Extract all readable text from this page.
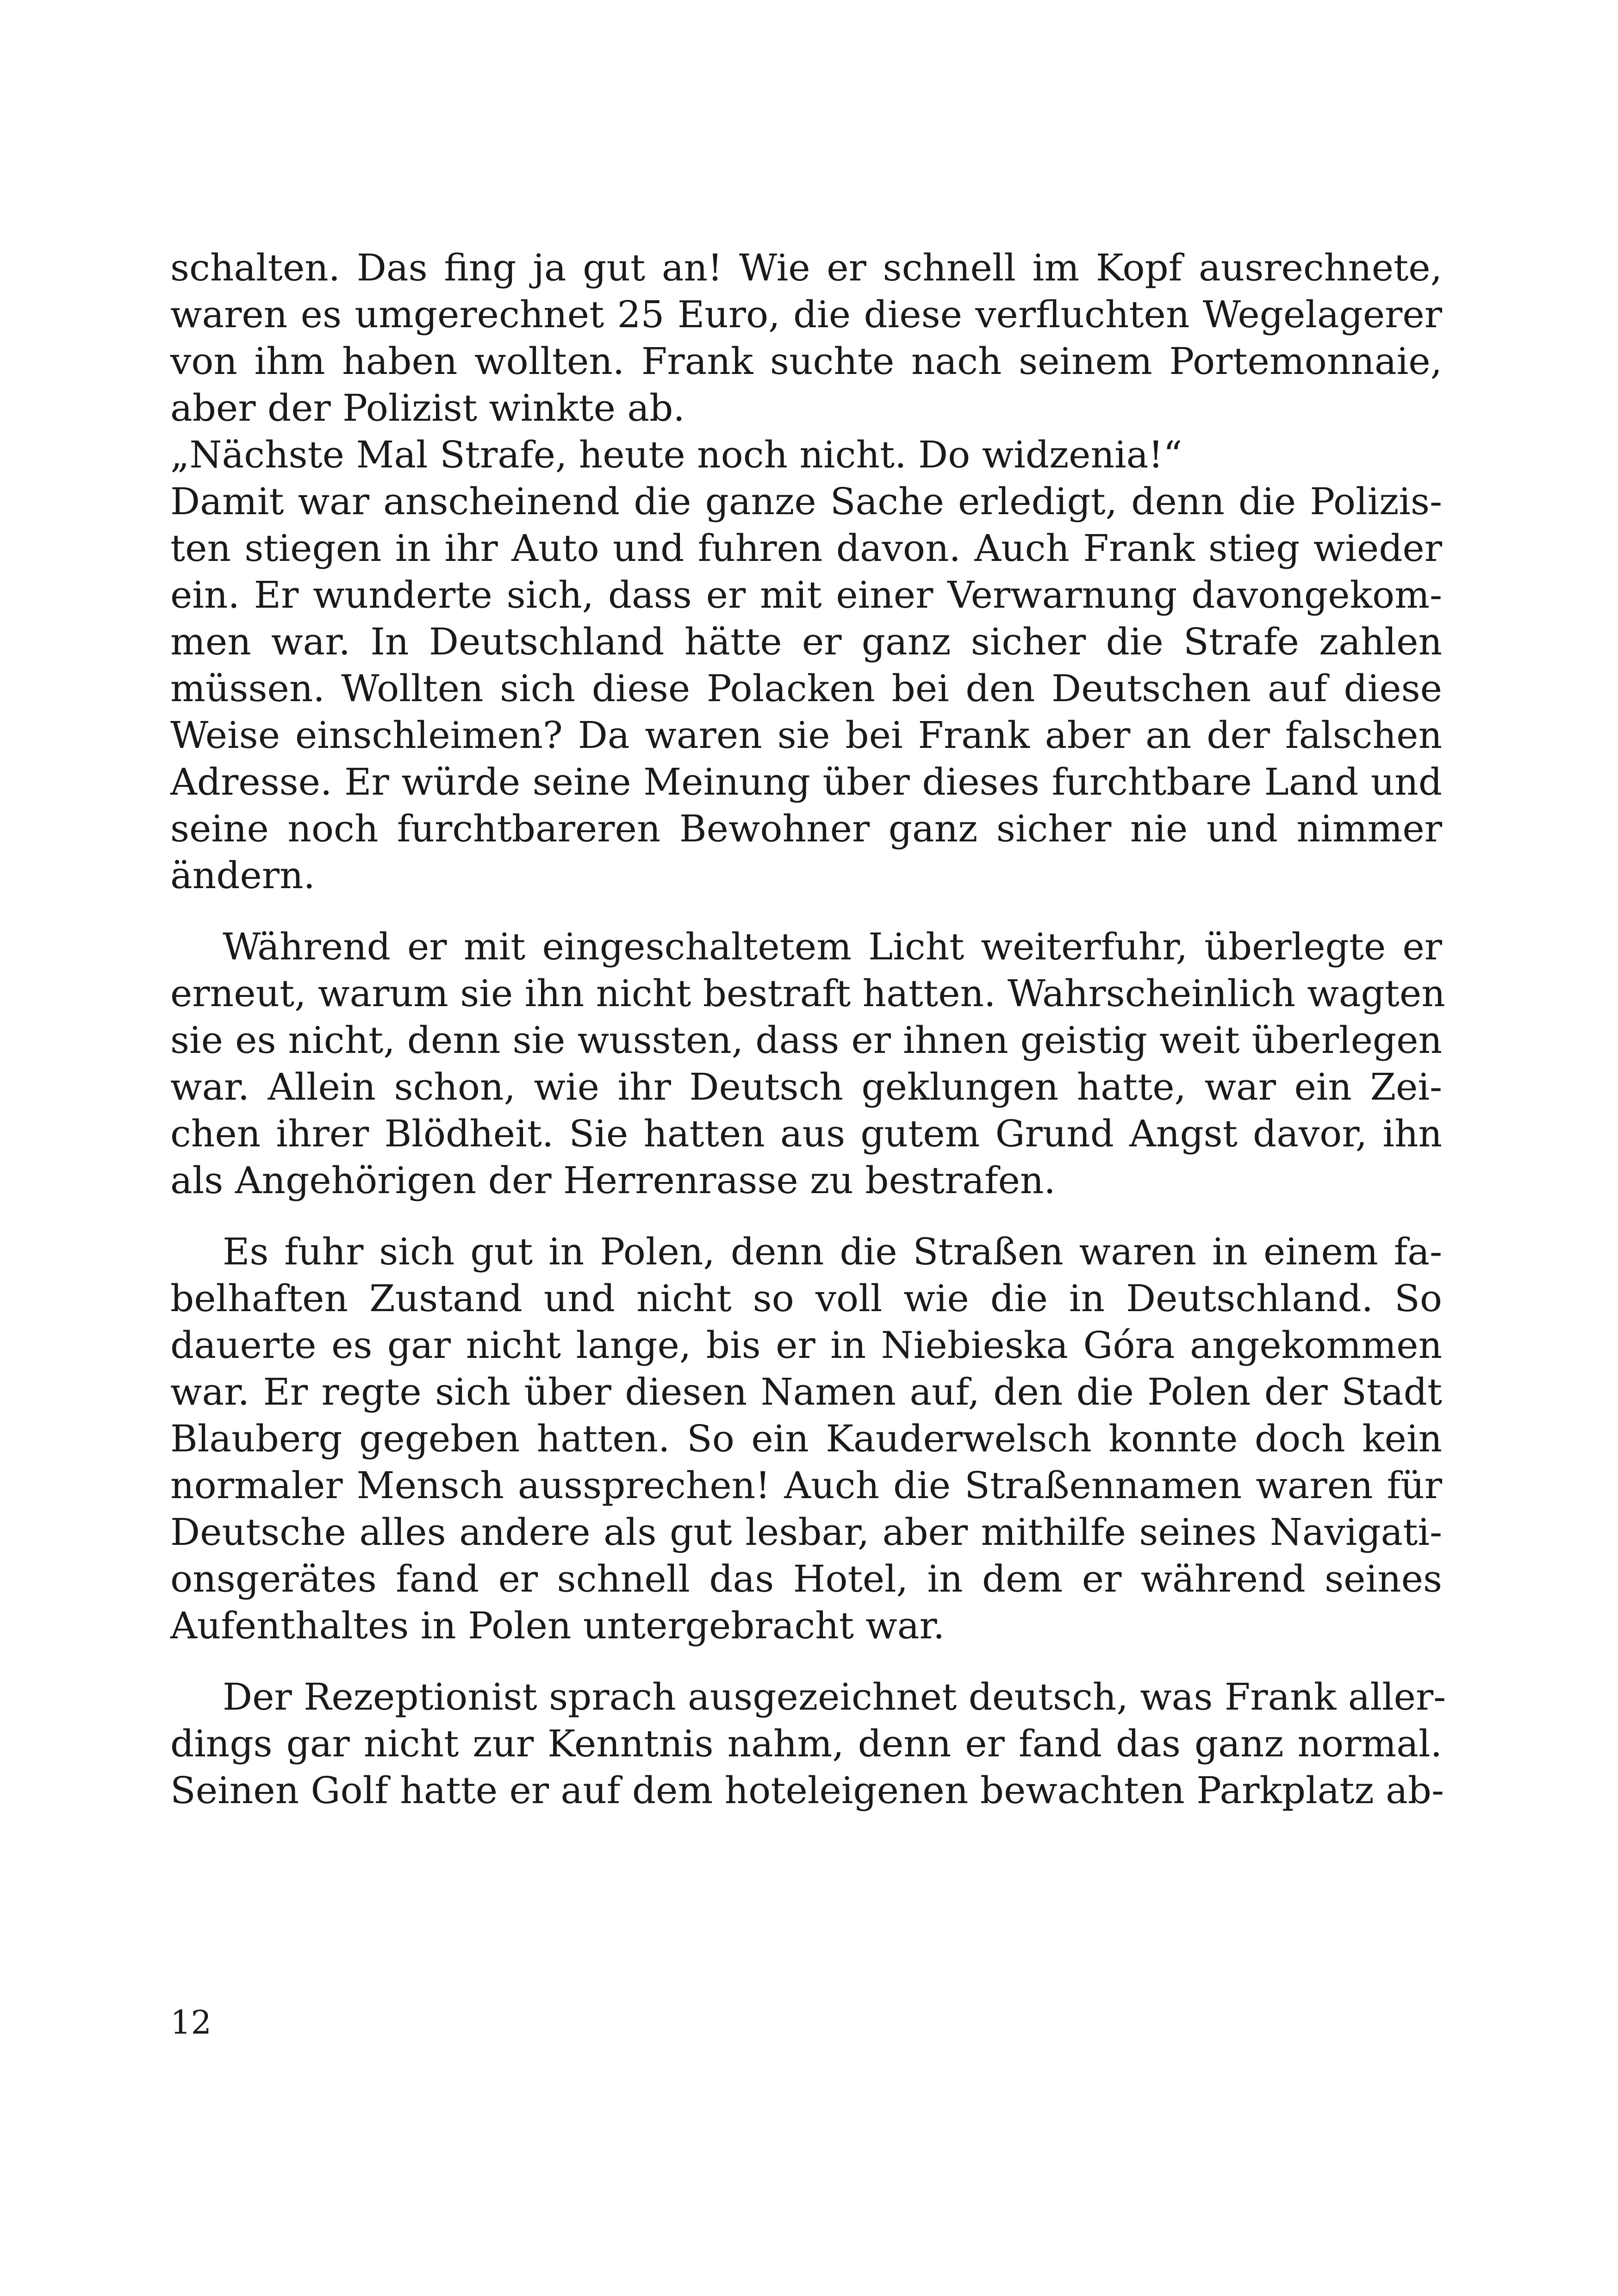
schalten. Das fing ja gut an! Wie er schnell im Kopf ausrechnete,
waren es umgerechnet 25 Euro, die diese verfluchten Wegelagerer
von ihm haben wollten. Frank suchte nach seinem Portemonnaie,
aber der Polizist winkte ab.
„Nächste Mal Strafe, heute noch nicht. Do widzenia!“
Damit war anscheinend die ganze Sache erledigt, denn die Polizis-
ten stiegen in ihr Auto und fuhren davon. Auch Frank stieg wieder
ein. Er wunderte sich, dass er mit einer Verwarnung davongekom-
men war. In Deutschland hätte er ganz sicher die Strafe zahlen
müssen. Wollten sich diese Polacken bei den Deutschen auf diese
Weise einschleimen? Da waren sie bei Frank aber an der falschen
Adresse. Er würde seine Meinung über dieses furchtbare Land und
seine noch furchtbareren Bewohner ganz sicher nie und nimmer
ändern.
Während er mit eingeschaltetem Licht weiterfuhr, überlegte er
erneut, warum sie ihn nicht bestraft hatten. Wahrscheinlich wagten
sie es nicht, denn sie wussten, dass er ihnen geistig weit überlegen
war. Allein schon, wie ihr Deutsch geklungen hatte, war ein Zei-
chen ihrer Blödheit. Sie hatten aus gutem Grund Angst davor, ihn
als Angehörigen der Herrenrasse zu bestrafen.
Es fuhr sich gut in Polen, denn die Straßen waren in einem fa-
belhaften Zustand und nicht so voll wie die in Deutschland. So
dauerte es gar nicht lange, bis er in Niebieska Góra angekommen
war. Er regte sich über diesen Namen auf, den die Polen der Stadt
Blauberg gegeben hatten. So ein Kauderwelsch konnte doch kein
normaler Mensch aussprechen! Auch die Straßennamen waren für
Deutsche alles andere als gut lesbar, aber mithilfe seines Navigati-
onsgerätes fand er schnell das Hotel, in dem er während seines
Aufenthaltes in Polen untergebracht war.
Der Rezeptionist sprach ausgezeichnet deutsch, was Frank aller-
dings gar nicht zur Kenntnis nahm, denn er fand das ganz normal.
Seinen Golf hatte er auf dem hoteleigenen bewachten Parkplatz ab-
12
